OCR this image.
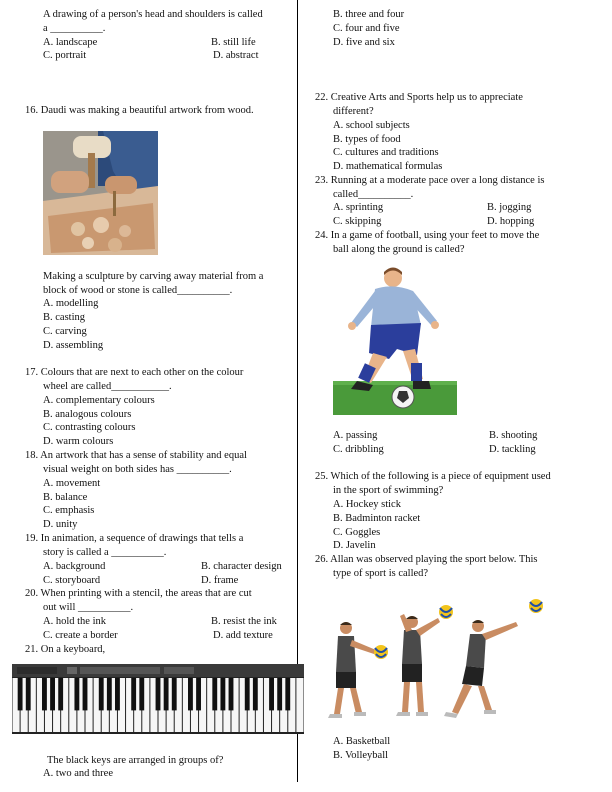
A drawing of a person's head and shoulders is called
a __________.
A. landscape	B. still life
C. portrait	D. abstract
16. Daudi was making a beautiful artwork from wood.
Making a sculpture by carving away material from a
block of wood or stone is called__________.
A. modelling
B. casting
C. carving
D. assembling
17. Colours that are next to each other on the colour
wheel are called___________.
A. complementary colours
B. analogous colours
C. contrasting colours
D. warm colours
18. An artwork that has a sense of stability and equal
visual weight on both sides has __________.
A. movement
B. balance
C. emphasis
D. unity
19. In animation, a sequence of drawings that tells a
story is called a __________.
A. background	B. character design
C. storyboard	D. frame
20. When printing with a stencil, the areas that are cut
out will __________.
A. hold the ink	B. resist the ink
C. create a border	D. add texture
21. On a keyboard,
The black keys are arranged in groups of?
A. two and three
B. three and four
C. four and five
D. five and six
22. Creative Arts and Sports help us to appreciate
different?
A. school subjects
B. types of food
C. cultures and traditions
D. mathematical formulas
23. Running at a moderate pace over a long distance is
called__________.
A. sprinting	B. jogging
C. skipping	D. hopping
24. In a game of football, using your feet to move the
ball along the ground is called?
A. passing	B. shooting
C. dribbling	D. tackling
25. Which of the following is a piece of equipment used
in the sport of swimming?
A. Hockey stick
B. Badminton racket
C. Goggles
D. Javelin
26. Allan was observed playing the sport below. This
type of sport is called?
A. Basketball
B. Volleyball
